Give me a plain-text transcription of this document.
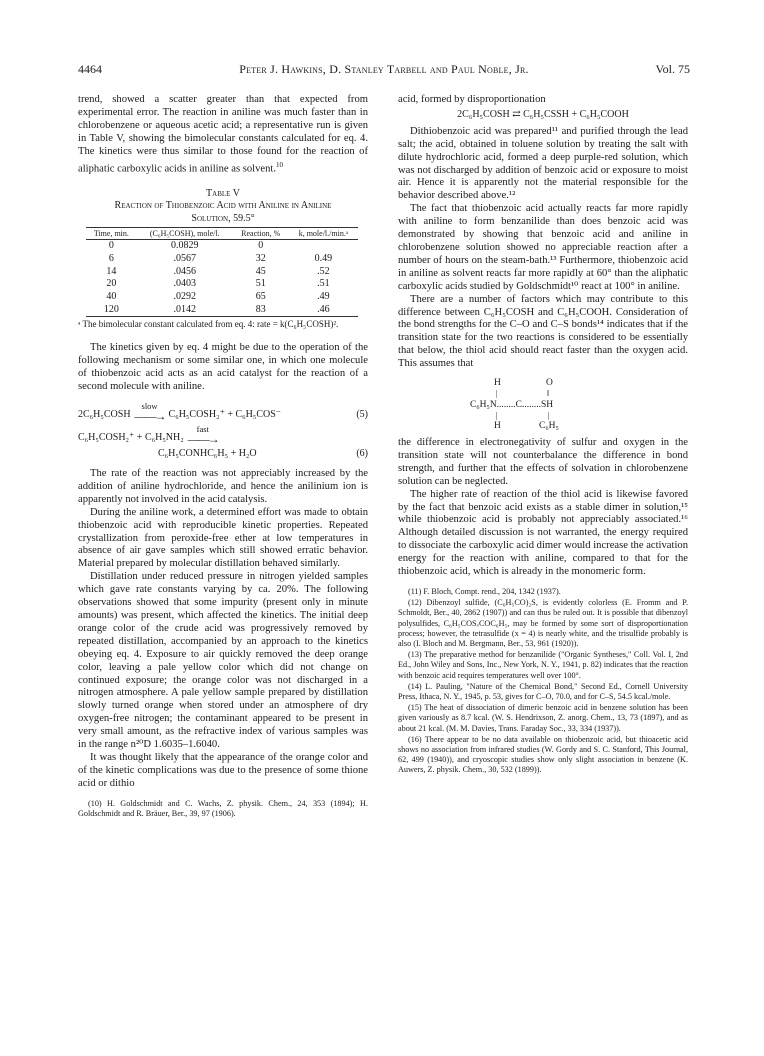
4464	Peter J. Hawkins, D. Stanley Tarbell and Paul Noble, Jr.	Vol. 75

trend, showed a scatter greater than that expected from experimental error. The reaction in aniline was much faster than in chlorobenzene or aqueous acetic acid; a representative run is given in Table V, showing the bimolecular constants calculated for eq. 4. The kinetics were thus similar to those found for the reaction of aliphatic carboxylic acids in aniline as solvent.$^{10}$

Table V
Reaction of Thiobenzoic Acid with Aniline in Aniline
Solution, 59.5°
Time, min.	(C₆H₅COSH), mole/l.	Reaction, %	k, mole/l./min.ᵃ
0	0.0829	0	
6	.0567	32	0.49
14	.0456	45	.52
20	.0403	51	.51
40	.0292	65	.49
120	.0142	83	.46
ᵃ The bimolecular constant calculated from eq. 4: rate = k(C₆H₅COSH)².

The kinetics given by eq. 4 might be due to the operation of the following mechanism or some similar one, in which one molecule of thiobenzoic acid acts as an acid catalyst for the reaction of a second molecule with aniline.

2C₆H₅COSH
slow
——→ C₆H₅COSH₂⁺ + C₆H₅COS⁻	(5)
C₆H₅COSH₂⁺ + C₆H₅NH₂
fast
——→
C₆H₅CONHC₆H₅ + H₂O	(6)

The rate of the reaction was not appreciably increased by the addition of aniline hydrochloride, and hence the anilinium ion is apparently not involved in the acid catalysis.

During the aniline work, a determined effort was made to obtain thiobenzoic acid with reproducible kinetic properties. Repeated crystallization from peroxide-free ether at low temperatures in absence of air gave samples which still showed erratic behavior. Material prepared by molecular distillation behaved similarly.

Distillation under reduced pressure in nitrogen yielded samples which gave rate constants varying by ca. 20%. The following observations showed that some impurity (present only in minute amounts) was present, which affected the kinetics. The initial deep orange color of the crude acid was progressively removed by repeated distillation, accompanied by an approach to the kinetics obeying eq. 4. Exposure to air quickly removed the deep orange color, leaving a pale yellow color which did not change on continued exposure; the orange color was not discharged in a nitrogen atmosphere. A pale yellow sample prepared by distillation slowly turned orange when stored under an atmosphere of dry oxygen-free nitrogen; the contaminant appeared to be present in very small amount, as the refractive index of various samples was in the range n²⁰D 1.6035–1.6040.

It was thought likely that the appearance of the orange color and of the kinetic complications was due to the presence of some thione acid or dithio

(10) H. Goldschmidt and C. Wachs, Z. physik. Chem., 24, 353 (1894); H. Goldschmidt and R. Bräuer, Ber., 39, 97 (1906).

acid, formed by disproportionation

2C₆H₅COSH ⇄ C₆H₅CSSH + C₆H₅COOH

Dithiobenzoic acid was prepared¹¹ and purified through the lead salt; the acid, obtained in toluene solution by treating the salt with dilute hydrochloric acid, formed a deep purple-red solution, which was not discharged by addition of benzoic acid or exposure to moist air. Hence it is apparently not the material responsible for the behavior described above.¹²

The fact that thiobenzoic acid actually reacts far more rapidly with aniline to form benzanilide than does benzoic acid was demonstrated by showing that benzoic acid and aniline in chlorobenzene solution showed no appreciable reaction after a number of hours on the steam-bath.¹³ Furthermore, thiobenzoic acid in aniline as solvent reacts far more rapidly at 60° than the aliphatic carboxylic acids studied by Goldschmidt¹⁰ react at 100° in aniline.

There are a number of factors which may contribute to this difference between C₆H₅COSH and C₆H₅COOH. Consideration of the bond strengths for the C–O and C–S bonds¹⁴ indicates that if the transition state for the two reactions is considered to be essentially that below, the thiol acid should react faster than the oxygen acid. This assumes that

H	O
|	‖
C₆H₅N........C........SH
|	|
H	C₆H₅

the difference in electronegativity of sulfur and oxygen in the transition state will not counterbalance the difference in bond strength, and further that the effects of solvation in chlorobenzene solution can be neglected.

The higher rate of reaction of the thiol acid is likewise favored by the fact that benzoic acid exists as a stable dimer in solution,¹⁵ while thiobenzoic acid is probably not appreciably associated.¹⁶ Although detailed discussion is not warranted, the energy required to dissociate the carboxylic acid dimer would increase the activation energy for the reaction with aniline, compared to that for the thiobenzoic acid, which is already in the monomeric form.

(11) F. Bloch, Compt. rend., 204, 1342 (1937).
(12) Dibenzoyl sulfide, (C₆H₅CO)₂S, is evidently colorless (E. Fromm and P. Schmoldt, Ber., 40, 2862 (1907)) and can thus be ruled out. It is possible that dibenzoyl polysulfides, C₆H₅COSₓCOC₆H₅, may be formed by some sort of disproportionation process; however, the tetrasulfide (x = 4) is nearly white, and the trisulfide probably is also (I. Bloch and M. Bergmann, Ber., 53, 961 (1920)).
(13) The preparative method for benzanilide ("Organic Syntheses," Coll. Vol. I, 2nd Ed., John Wiley and Sons, Inc., New York, N. Y., 1941, p. 82) indicates that the reaction with benzoic acid requires temperatures well over 100°.
(14) L. Pauling, "Nature of the Chemical Bond," Second Ed., Cornell University Press, Ithaca, N. Y., 1945, p. 53, gives for C–O, 70.0, and for C–S, 54.5 kcal./mole.
(15) The heat of dissociation of dimeric benzoic acid in benzene solution has been given variously as 8.7 kcal. (W. S. Hendrixson, Z. anorg. Chem., 13, 73 (1897), and as about 21 kcal. (M. M. Davies, Trans. Faraday Soc., 33, 334 (1937)).
(16) There appear to be no data available on thiobenzoic acid, but thioacetic acid shows no association from infrared studies (W. Gordy and S. C. Stanford, This Journal, 62, 499 (1940)), and cryoscopic studies show only slight association in benzene (K. Auwers, Z. physik. Chem., 30, 532 (1899)).
